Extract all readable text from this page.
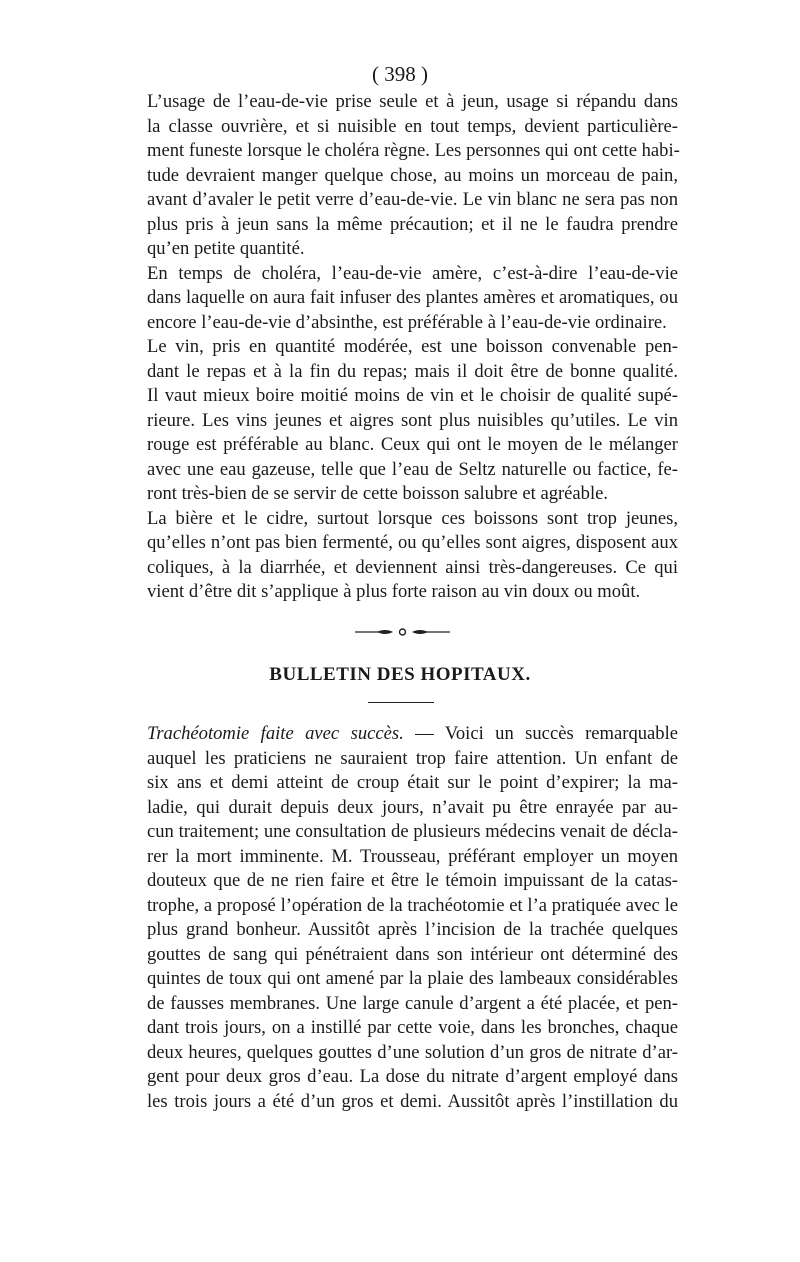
( 398 )
L’usage de l’eau-de-vie prise seule et à jeun, usage si répandu dans
la classe ouvrière, et si nuisible en tout temps, devient particulière-
ment funeste lorsque le choléra règne. Les personnes qui ont cette habi-
tude devraient manger quelque chose, au moins un morceau de pain,
avant d’avaler le petit verre d’eau-de-vie. Le vin blanc ne sera pas non
plus pris à jeun sans la même précaution; et il ne le faudra prendre
qu’en petite quantité.
En temps de choléra, l’eau-de-vie amère, c’est-à-dire l’eau-de-vie
dans laquelle on aura fait infuser des plantes amères et aromatiques, ou
encore l’eau-de-vie d’absinthe, est préférable à l’eau-de-vie ordinaire.
Le vin, pris en quantité modérée, est une boisson convenable pen-
dant le repas et à la fin du repas; mais il doit être de bonne qualité.
Il vaut mieux boire moitié moins de vin et le choisir de qualité supé-
rieure. Les vins jeunes et aigres sont plus nuisibles qu’utiles. Le vin
rouge est préférable au blanc. Ceux qui ont le moyen de le mélanger
avec une eau gazeuse, telle que l’eau de Seltz naturelle ou factice, fe-
ront très-bien de se servir de cette boisson salubre et agréable.
La bière et le cidre, surtout lorsque ces boissons sont trop jeunes,
qu’elles n’ont pas bien fermenté, ou qu’elles sont aigres, disposent aux
coliques, à la diarrhée, et deviennent ainsi très-dangereuses. Ce qui
vient d’être dit s’applique à plus forte raison au vin doux ou moût.
BULLETIN DES HOPITAUX.
Trachéotomie faite avec succès. — Voici un succès remarquable
auquel les praticiens ne sauraient trop faire attention. Un enfant de
six ans et demi atteint de croup était sur le point d’expirer; la ma-
ladie, qui durait depuis deux jours, n’avait pu être enrayée par au-
cun traitement; une consultation de plusieurs médecins venait de décla-
rer la mort imminente. M. Trousseau, préférant employer un moyen
douteux que de ne rien faire et être le témoin impuissant de la catas-
trophe, a proposé l’opération de la trachéotomie et l’a pratiquée avec le
plus grand bonheur. Aussitôt après l’incision de la trachée quelques
gouttes de sang qui pénétraient dans son intérieur ont déterminé des
quintes de toux qui ont amené par la plaie des lambeaux considérables
de fausses membranes. Une large canule d’argent a été placée, et pen-
dant trois jours, on a instillé par cette voie, dans les bronches, chaque
deux heures, quelques gouttes d’une solution d’un gros de nitrate d’ar-
gent pour deux gros d’eau. La dose du nitrate d’argent employé dans
les trois jours a été d’un gros et demi. Aussitôt après l’instillation du
